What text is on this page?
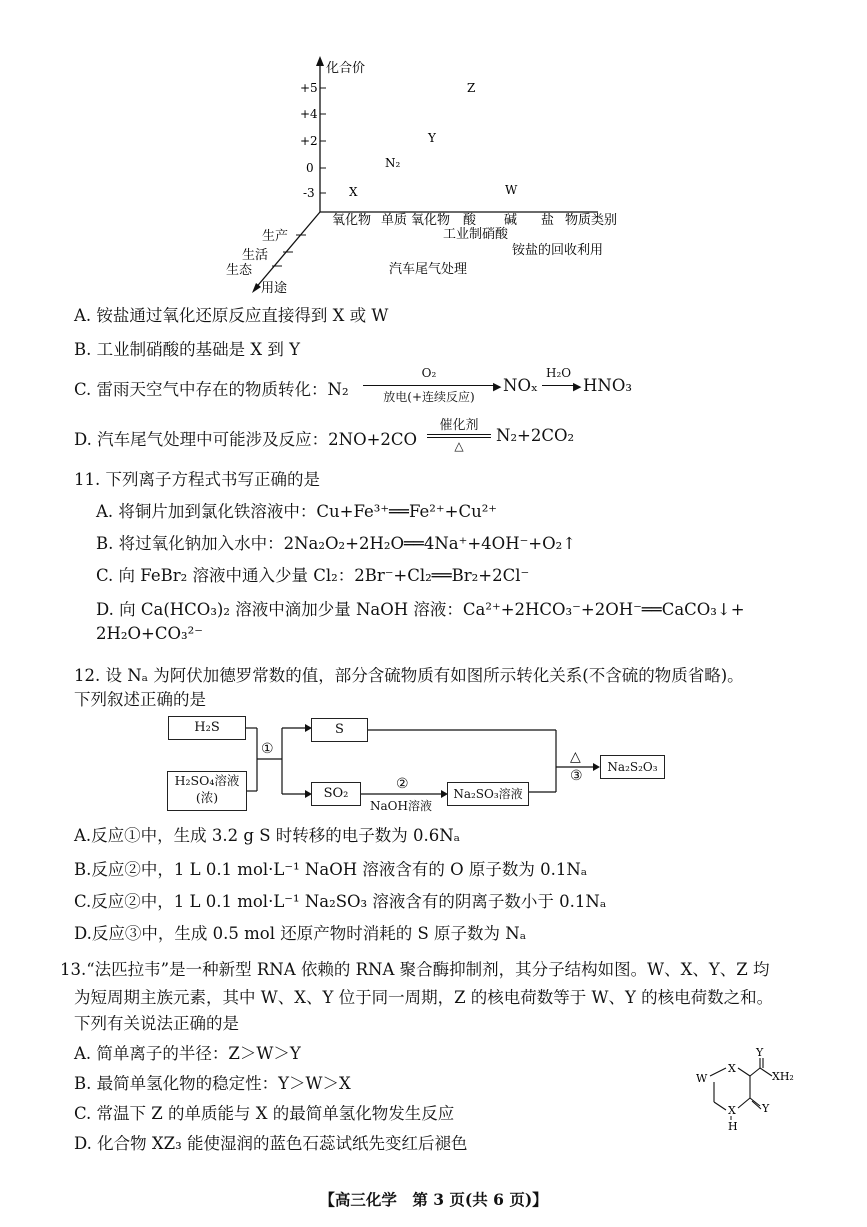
化合价
+5
+4
+2
0
-3
Z
Y
N₂
X	W
氧化物 单质 氧化物 酸 碱 盐 物质类别
生产
生活
生态
用途
工业制硝酸
铵盐的回收利用
汽车尾气处理
A. 铵盐通过氧化还原反应直接得到 X 或 W
B. 工业制硝酸的基础是 X 到 Y
C. 雷雨天空气中存在的物质转化：N₂
O₂
▶
放电(+连续反应)
NOₓ
H₂O
▶ HNO₃
D. 汽车尾气处理中可能涉及反应：2NO+2CO
催化剂
△
N₂+2CO₂
11. 下列离子方程式书写正确的是
A. 将铜片加到氯化铁溶液中：Cu+Fe³⁺══Fe²⁺+Cu²⁺
B. 将过氧化钠加入水中：2Na₂O₂+2H₂O══4Na⁺+4OH⁻+O₂↑
C. 向 FeBr₂ 溶液中通入少量 Cl₂：2Br⁻+Cl₂══Br₂+2Cl⁻
D. 向 Ca(HCO₃)₂ 溶液中滴加少量 NaOH 溶液：Ca²⁺+2HCO₃⁻+2OH⁻══CaCO₃↓+
2H₂O+CO₃²⁻
12. 设 Nₐ 为阿伏加德罗常数的值，部分含硫物质有如图所示转化关系(不含硫的物质省略)。
下列叙述正确的是
H₂S
H₂SO₄溶液
(浓)
①
S
SO₂
②
NaOH溶液
Na₂SO₃溶液
△
③
Na₂S₂O₃
A.反应①中，生成 3.2 g S 时转移的电子数为 0.6Nₐ
B.反应②中，1 L 0.1 mol·L⁻¹ NaOH 溶液含有的 O 原子数为 0.1Nₐ
C.反应②中，1 L 0.1 mol·L⁻¹ Na₂SO₃ 溶液含有的阴离子数小于 0.1Nₐ
D.反应③中，生成 0.5 mol 还原产物时消耗的 S 原子数为 Nₐ
13.“法匹拉韦”是一种新型 RNA 依赖的 RNA 聚合酶抑制剂，其分子结构如图。W、X、Y、Z 均
为短周期主族元素，其中 W、X、Y 位于同一周期，Z 的核电荷数等于 W、Y 的核电荷数之和。
下列有关说法正确的是
A. 简单离子的半径：Z＞W＞Y
B. 最简单氢化物的稳定性：Y＞W＞X
C. 常温下 Z 的单质能与 X 的最简单氢化物发生反应
D. 化合物 XZ₃ 能使湿润的蓝色石蕊试纸先变红后褪色
W
X
Y
XH₂
Y
X
H
【高三化学　第 3 页(共 6 页)】
